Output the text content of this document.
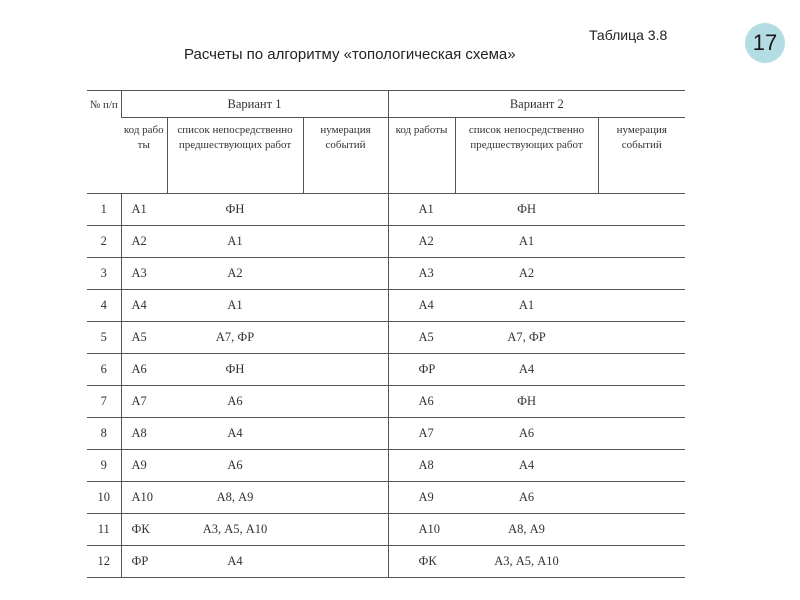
17
Таблица 3.8
Расчеты по алгоритму «топологическая схема»
№ п/п	Вариант 1			Вариант 2		
	код рабо ты	список непосредственно предшествующих работ	нумерация событий	код работы	список непосредственно предшествующих работ	нумерация событий
1	А1	ФН		А1	ФН	
2	А2	А1		А2	А1	
3	А3	А2		А3	А2	
4	А4	А1		А4	А1	
5	А5	А7, ФР		А5	А7, ФР	
6	А6	ФН		ФР	А4	
7	А7	А6		А6	ФН	
8	А8	А4		А7	А6	
9	А9	А6		А8	А4	
10	А10	А8, А9		А9	А6	
11	ФК	А3, А5, А10		А10	А8, А9	
12	ФР	А4		ФК	А3, А5, А10	
